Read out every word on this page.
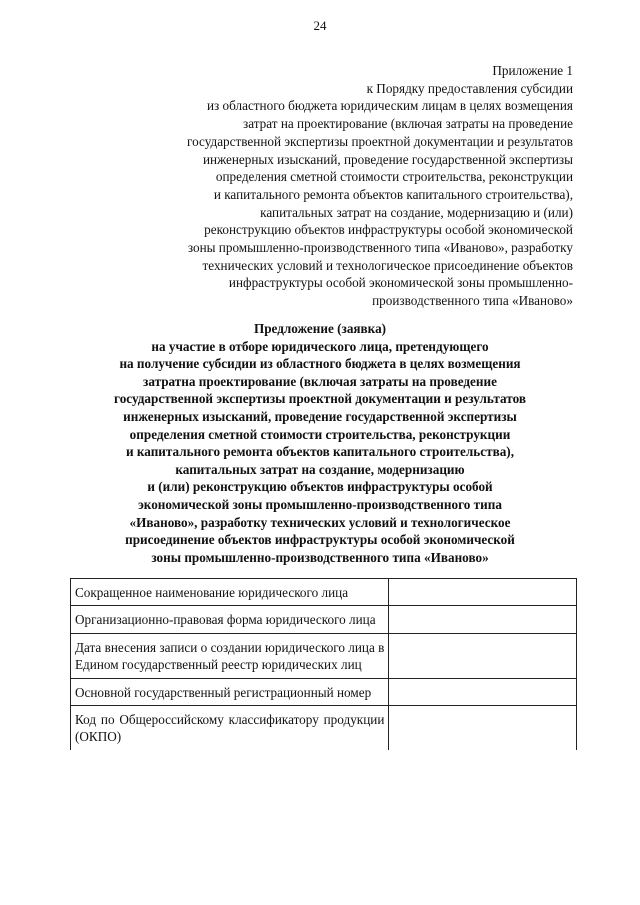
24
Приложение 1
к Порядку предоставления субсидии
из областного бюджета юридическим лицам в целях возмещения
затрат на проектирование (включая затраты на проведение
государственной экспертизы проектной документации и результатов
инженерных изысканий, проведение государственной экспертизы
определения сметной стоимости строительства, реконструкции
и капитального ремонта объектов капитального строительства),
капитальных затрат на создание, модернизацию и (или)
реконструкцию объектов инфраструктуры особой экономической
зоны промышленно-производственного типа «Иваново», разработку
технических условий и технологическое присоединение объектов
инфраструктуры особой экономической зоны промышленно-
производственного типа «Иваново»
Предложение (заявка)
на участие в отборе юридического лица, претендующего
на получение субсидии из областного бюджета в целях возмещения
затратна проектирование (включая затраты на проведение
государственной экспертизы проектной документации и результатов
инженерных изысканий, проведение государственной экспертизы
определения сметной стоимости строительства, реконструкции
и капитального ремонта объектов капитального строительства),
капитальных затрат на создание, модернизацию
и (или) реконструкцию объектов инфраструктуры особой
экономической зоны промышленно-производственного типа
«Иваново», разработку технических условий и технологическое
присоединение объектов инфраструктуры особой экономической
зоны промышленно-производственного типа «Иваново»
Сокращенное наименование юридического лица	
Организационно-правовая форма юридического лица	
Дата внесения записи о создании юридического лица в Едином государственный реестр юридических лиц	
Основной государственный регистрационный номер	
Код по Общероссийскому классификатору продукции (ОКПО)	
